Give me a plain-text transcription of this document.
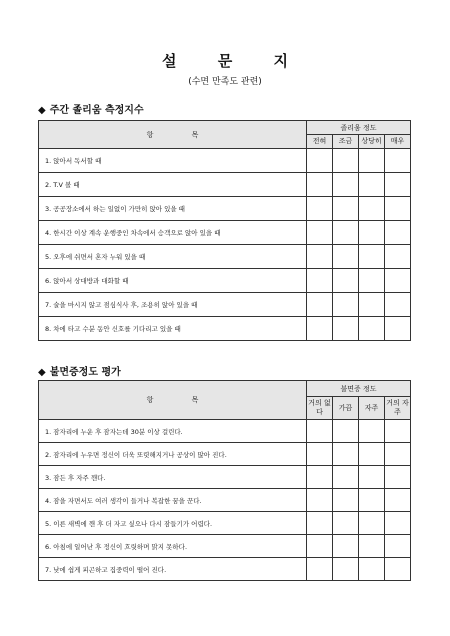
설 문 지
(수면 만족도 관련)
◆ 주간 졸리움 측정지수
항 목	졸리움 정도			
	전혀	조금	상당히	매우
1. 앉아서 독서할 때				
2. T.V 볼 때				
3. 공공장소에서 하는 일없이 가만히 앉아 있을 때				
4. 한시간 이상 계속 운행중인 차속에서 승객으로 앉아 있을 때				
5. 오후에 쉬면서 혼자 누워 있을 때				
6. 앉아서 상대방과 대화할 때				
7. 술을 마시지 않고 점심식사 후, 조용히 앉아 있을 때				
8. 차에 타고 수분 동안 신호를 기다리고 있을 때				
◆ 불면증정도 평가
항 목	불면증 정도			
	거의 없다	가끔	자주	거의 자주
1. 잠자리에 누운 후 잠자는데 30분 이상 걸린다.				
2. 잠자리에 누우면 정신이 더욱 또렷해지거나 공상이 많아 진다.				
3. 잠든 후 자주 깬다.				
4. 잠을 자면서도 여러 생각이 들거나 복잡한 꿈을 꾼다.				
5. 이른 새벽에 깬 후 더 자고 싶으나 다시 잠들기가 어렵다.				
6. 아침에 일어난 후 정신이 흐릿하며 맑지 못하다.				
7. 낮에 쉽게 피곤하고 집중력이 떨어 진다.				
